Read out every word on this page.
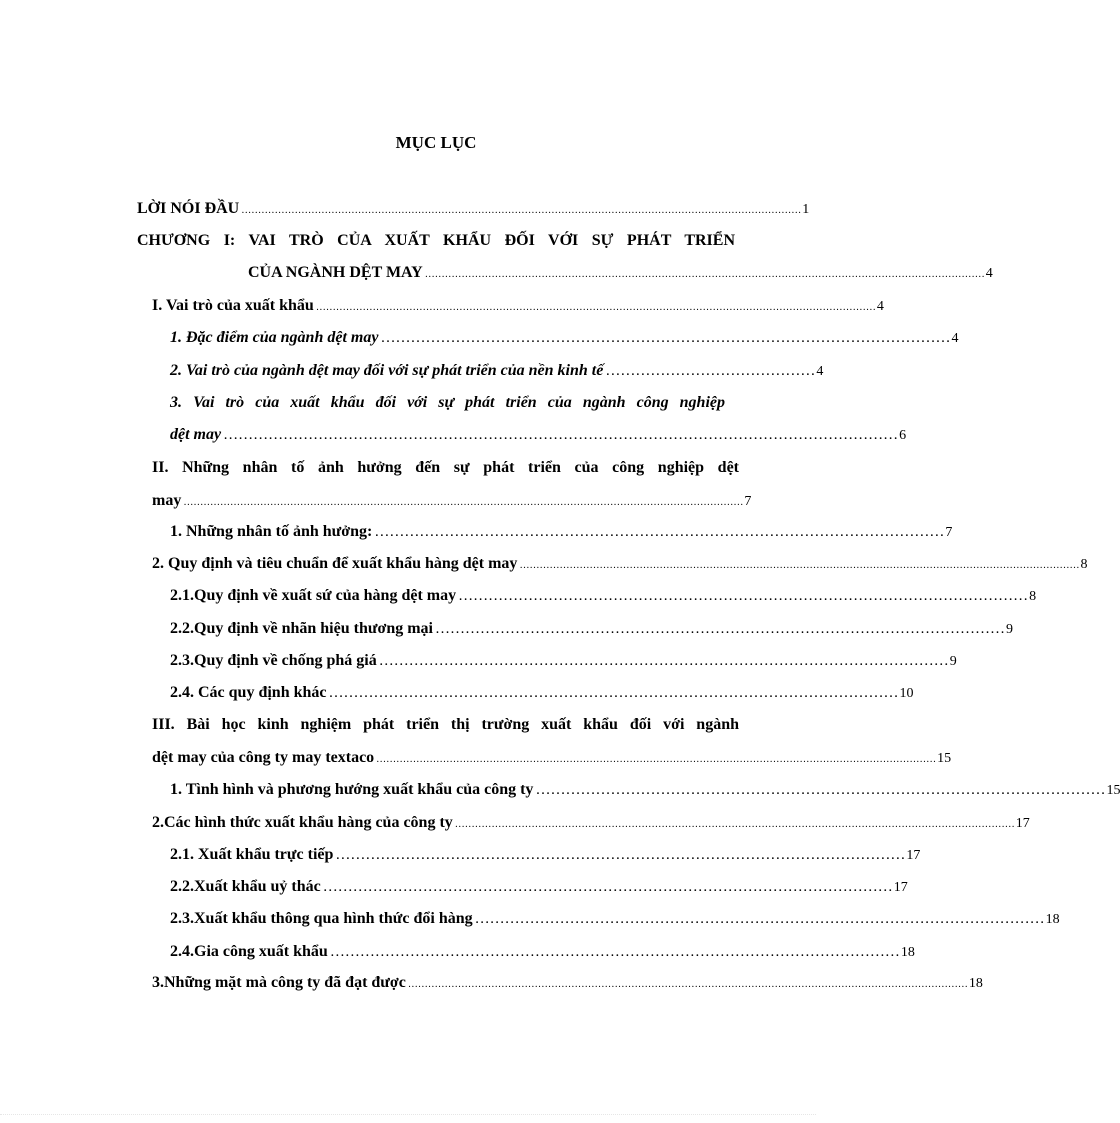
MỤC LỤC
LỜI NÓI ĐẦU …………………………………………………………………………………………………………………………………………………… 1
CHƯƠNG I: VAI TRÒ CỦA XUẤT KHẨU ĐỐI VỚI SỰ PHÁT TRIỂN
CỦA NGÀNH DỆT MAY …………………………………………………………………………………………………………………………………………………… 4
I. Vai trò của xuất khẩu …………………………………………………………………………………………………………………………………………………… 4
1. Đặc điểm của ngành dệt may …………………………………………………………………………………………………… 4
2. Vai trò của ngành dệt may đối với sự phát triển của nền kinh tế …………………………………… 4
3. Vai trò của xuất khẩu đối với sự phát triển của ngành công nghiệp
dệt may ……………………………………………………………………………………………………………………… 6
II. Những nhân tố ảnh hưởng đến sự phát triển của công nghiệp dệt
may …………………………………………………………………………………………………………………………………………………… 7
1. Những nhân tố ảnh hưởng: …………………………………………………………………………………………………… 7
2. Quy định và tiêu chuẩn để xuất khẩu hàng dệt may …………………………………………………………………………………………………………………………………………………… 8
2.1.Quy định về xuất sứ của hàng dệt may …………………………………………………………………………………………………… 8
2.2.Quy định về nhãn hiệu thương mại …………………………………………………………………………………………………… 9
2.3.Quy định về chống phá giá …………………………………………………………………………………………………… 9
2.4. Các quy định khác …………………………………………………………………………………………………… 10
III. Bài học kinh nghiệm phát triển thị trường xuất khẩu đối với ngành
dệt may của công ty may textaco …………………………………………………………………………………………………………………………………………………… 15
1. Tình hình và phương hướng xuất khẩu của công ty …………………………………………………………………………………………………… 15
2.Các hình thức xuất khẩu hàng của công ty …………………………………………………………………………………………………………………………………………………… 17
2.1. Xuất khẩu trực tiếp …………………………………………………………………………………………………… 17
2.2.Xuất khẩu uỷ thác …………………………………………………………………………………………………… 17
2.3.Xuất khẩu thông qua hình thức đổi hàng …………………………………………………………………………………………………… 18
2.4.Gia công xuất khẩu …………………………………………………………………………………………………… 18
3.Những mặt mà công ty đã đạt được …………………………………………………………………………………………………………………………………………………… 18
